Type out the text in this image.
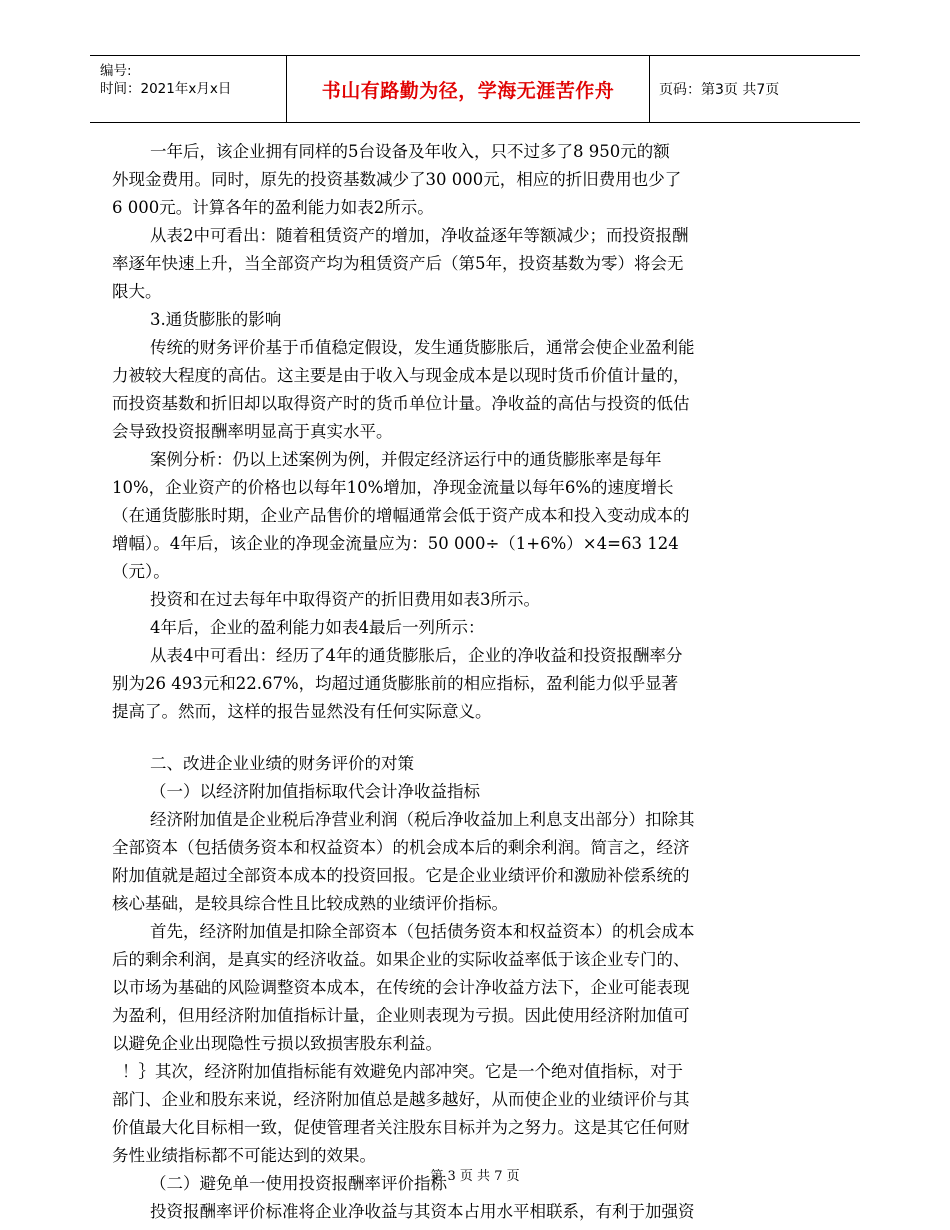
编号:
时间：2021年x月x日	书山有路勤为径，学海无涯苦作舟	页码：第3页 共7页
一年后，该企业拥有同样的5台设备及年收入，只不过多了8 950元的额
外现金费用。同时，原先的投资基数减少了30 000元，相应的折旧费用也少了
6 000元。计算各年的盈利能力如表2所示。
从表2中可看出：随着租赁资产的增加，净收益逐年等额减少；而投资报酬
率逐年快速上升，当全部资产均为租赁资产后（第5年，投资基数为零）将会无
限大。
3.通货膨胀的影响
传统的财务评价基于币值稳定假设，发生通货膨胀后，通常会使企业盈利能
力被较大程度的高估。这主要是由于收入与现金成本是以现时货币价值计量的，
而投资基数和折旧却以取得资产时的货币单位计量。净收益的高估与投资的低估
会导致投资报酬率明显高于真实水平。
案例分析：仍以上述案例为例，并假定经济运行中的通货膨胀率是每年
10%，企业资产的价格也以每年10%增加，净现金流量以每年6%的速度增长
（在通货膨胀时期，企业产品售价的增幅通常会低于资产成本和投入变动成本的
增幅）。4年后，该企业的净现金流量应为：50 000÷（1+6%）×4=63 124
（元）。
投资和在过去每年中取得资产的折旧费用如表3所示。
4年后，企业的盈利能力如表4最后一列所示：
从表4中可看出：经历了4年的通货膨胀后，企业的净收益和投资报酬率分
别为26 493元和22.67%，均超过通货膨胀前的相应指标，盈利能力似乎显著
提高了。然而，这样的报告显然没有任何实际意义。
二、改进企业业绩的财务评价的对策
（一）以经济附加值指标取代会计净收益指标
经济附加值是企业税后净营业利润（税后净收益加上利息支出部分）扣除其
全部资本（包括债务资本和权益资本）的机会成本后的剩余利润。简言之，经济
附加值就是超过全部资本成本的投资回报。它是企业业绩评价和激励补偿系统的
核心基础，是较具综合性且比较成熟的业绩评价指标。
首先，经济附加值是扣除全部资本（包括债务资本和权益资本）的机会成本
后的剩余利润，是真实的经济收益。如果企业的实际收益率低于该企业专门的、
以市场为基础的风险调整资本成本，在传统的会计净收益方法下，企业可能表现
为盈利，但用经济附加值指标计量，企业则表现为亏损。因此使用经济附加值可
以避免企业出现隐性亏损以致损害股东利益。
！｝其次，经济附加值指标能有效避免内部冲突。它是一个绝对值指标，对于
部门、企业和股东来说，经济附加值总是越多越好，从而使企业的业绩评价与其
价值最大化目标相一致，促使管理者关注股东目标并为之努力。这是其它任何财
务性业绩指标都不可能达到的效果。
（二）避免单一使用投资报酬率评价指标
投资报酬率评价标准将企业净收益与其资本占用水平相联系，有利于加强资
第 3 页 共 7 页
